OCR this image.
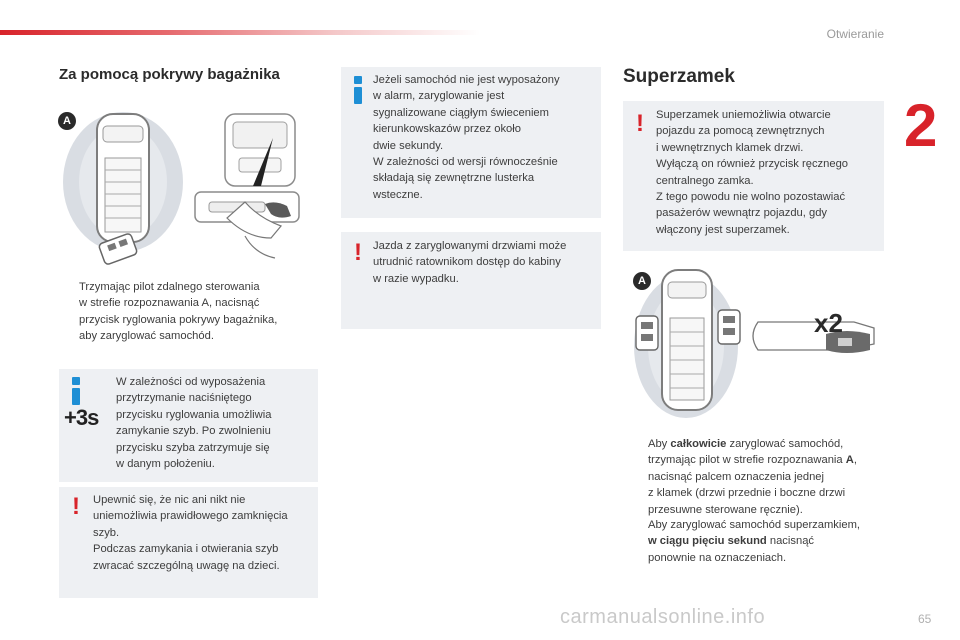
Otwieranie
2
Za pomocą pokrywy bagażnika
A
Trzymając pilot zdalnego sterowania
w strefie rozpoznawania A, nacisnąć
przycisk ryglowania pokrywy bagażnika,
aby zaryglować samochód.
+3s
W zależności od wyposażenia
przytrzymanie naciśniętego
przycisku ryglowania umożliwia
zamykanie szyb. Po zwolnieniu
przycisku szyba zatrzymuje się
w danym położeniu.
! Upewnić się, że nic ani nikt nie
uniemożliwia prawidłowego zamknięcia
szyb.
Podczas zamykania i otwierania szyb
zwracać szczególną uwagę na dzieci.
Jeżeli samochód nie jest wyposażony
w alarm, zaryglowanie jest
sygnalizowane ciągłym świeceniem
kierunkowskazów przez około
dwie sekundy.
W zależności od wersji równocześnie
składają się zewnętrzne lusterka
wsteczne.
! Jazda z zaryglowanymi drzwiami może
utrudnić ratownikom dostęp do kabiny
w razie wypadku.
Superzamek
! Superzamek uniemożliwia otwarcie
pojazdu za pomocą zewnętrznych
i wewnętrznych klamek drzwi.
Wyłączą on również przycisk ręcznego
centralnego zamka.
Z tego powodu nie wolno pozostawiać
pasażerów wewnątrz pojazdu, gdy
włączony jest superzamek.
A
x2
Aby całkowicie zaryglować samochód,
trzymając pilot w strefie rozpoznawania A,
nacisnąć palcem oznaczenia jednej
z klamek (drzwi przednie i boczne drzwi
przesuwne sterowane ręcznie).
Aby zaryglować samochód superzamkiem,
w ciągu pięciu sekund nacisnąć
ponownie na oznaczeniach.
carmanualsonline.info	65
